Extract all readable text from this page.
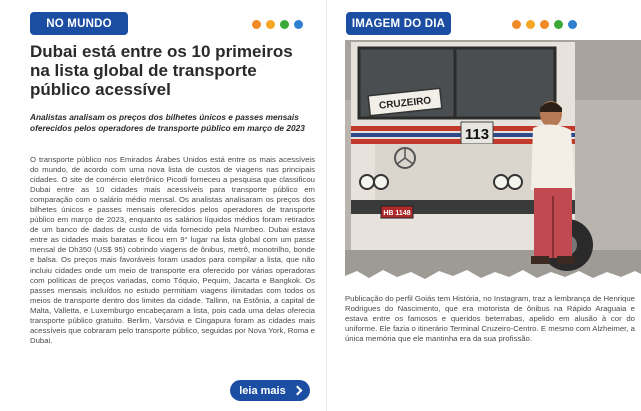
NO MUNDO
Dubai está entre os 10 primeiros na lista global de transporte público acessível

Analistas analisam os preços dos bilhetes únicos e passes mensais oferecidos pelos operadores de transporte público em março de 2023

O transporte público nos Emirados Árabes Unidos está entre os mais acessíveis do mundo, de acordo com uma nova lista de custos de viagens nas principais cidades. O site de comércio eletrônico Picodi forneceu a pesquisa que classificou Dubai entre as 10 cidades mais acessíveis para transporte público em comparação com o salário médio mensal. Os analistas analisaram os preços dos bilhetes únicos e passes mensais oferecidos pelos operadores de transporte público em março de 2023, enquanto os salários líquidos médios foram retirados de um banco de dados de custo de vida fornecido pela Numbeo. Dubai estava entre as cidades mais baratas e ficou em 9° lugar na lista global com um passe mensal de Dh350 (US$ 95) cobrindo viagens de ônibus, metrô, monotrilho, bonde e balsa. Os preços mais favoráveis foram usados para compilar a lista, que não incluiu cidades onde um meio de transporte era oferecido por várias operadoras com políticas de preços variadas, como Tóquio, Pequim, Jacarta e Bangkok. Os passes mensais incluídos no estudo permitiam viagens ilimitadas com todos os meios de transporte dentro dos limites da cidade. Tallinn, na Estônia, a capital de Malta, Valletta, e Luxemburgo encabeçaram a lista, pois cada uma delas oferecia transporte público gratuito. Berlim, Varsóvia e Cingapura foram as cidades mais acessíveis que cobraram pelo transporte público, seguidas por Nova York, Roma e Dubai.

leia mais
IMAGEM DO DIA
CRUZEIRO
113
HB 1148

Publicação do perfil Goiás tem História, no Instagram, traz a lembrança de Henrique Rodrigues do Nascimento, que era motorista de ônibus na Rápido Araguaia e estava entre os famosos e queridos beterrabas, apelido em alusão à cor do uniforme. Ele fazia o itinerário Terminal Cruzeiro-Centro. E mesmo com Alzheimer, a única memória que ele mantinha era da sua profissão.
